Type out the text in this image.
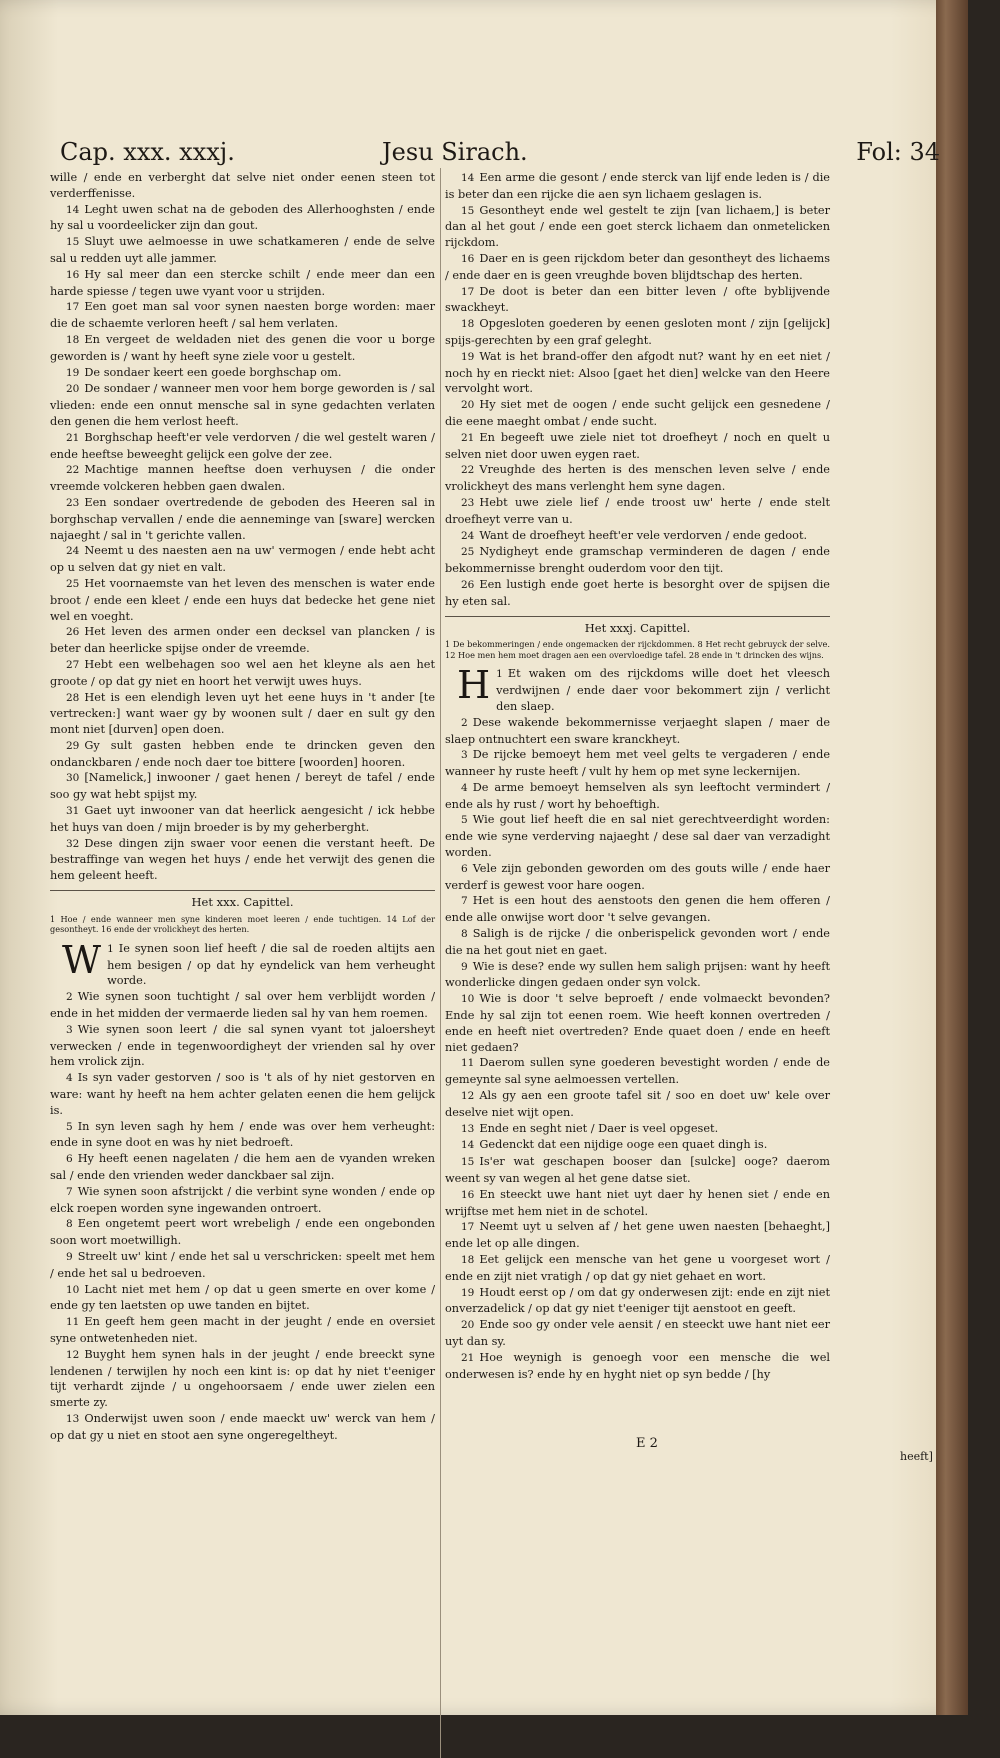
Cap. xxx. xxxj.	Jesu Sirach.	Fol: 34

wille / ende en verberght dat selve niet onder eenen steen tot verderffenisse.

14 Leght uwen schat na de geboden des Allerhooghsten / ende hy sal u voordeelicker zijn dan gout.

15 Sluyt uwe aelmoesse in uwe schatkameren / ende de selve sal u redden uyt alle jammer.

16 Hy sal meer dan een stercke schilt / ende meer dan een harde spiesse / tegen uwe vyant voor u strijden.

17 Een goet man sal voor synen naesten borge worden: maer die de schaemte verloren heeft / sal hem verlaten.

18 En vergeet de weldaden niet des genen die voor u borge geworden is / want hy heeft syne ziele voor u gestelt.

19 De sondaer keert een goede borghschap om.

20 De sondaer / wanneer men voor hem borge geworden is / sal vlieden: ende een onnut mensche sal in syne gedachten verlaten den genen die hem verlost heeft.

21 Borghschap heeft'er vele verdorven / die wel gestelt waren / ende heeftse beweeght gelijck een golve der zee.

22 Machtige mannen heeftse doen verhuysen / die onder vreemde volckeren hebben gaen dwalen.

23 Een sondaer overtredende de geboden des Heeren sal in borghschap vervallen / ende die aenneminge van [sware] wercken najaeght / sal in 't gerichte vallen.

24 Neemt u des naesten aen na uw' vermogen / ende hebt acht op u selven dat gy niet en valt.

25 Het voornaemste van het leven des menschen is water ende broot / ende een kleet / ende een huys dat bedecke het gene niet wel en voeght.

26 Het leven des armen onder een decksel van plancken / is beter dan heerlicke spijse onder de vreemde.

27 Hebt een welbehagen soo wel aen het kleyne als aen het groote / op dat gy niet en hoort het verwijt uwes huys.

28 Het is een elendigh leven uyt het eene huys in 't ander [te vertrecken:] want waer gy by woonen sult / daer en sult gy den mont niet [durven] open doen.

29 Gy sult gasten hebben ende te drincken geven den ondanckbaren / ende noch daer toe bittere [woorden] hooren.

30 [Namelick,] inwooner / gaet henen / bereyt de tafel / ende soo gy wat hebt spijst my.

31 Gaet uyt inwooner van dat heerlick aengesicht / ick hebbe het huys van doen / mijn broeder is by my geherberght.

32 Dese dingen zijn swaer voor eenen die verstant heeft. De bestraffinge van wegen het huys / ende het verwijt des genen die hem geleent heeft.

Het xxx. Capittel.
1 Hoe / ende wanneer men syne kinderen moet leeren / ende tuchtigen. 14 Lof der gesontheyt. 16 ende der vrolickheyt des herten.

W 1 Ie synen soon lief heeft / die sal de roeden altijts aen hem besigen / op dat hy eyndelick van hem verheught worde.

2 Wie synen soon tuchtight / sal over hem verblijdt worden / ende in het midden der vermaerde lieden sal hy van hem roemen.

3 Wie synen soon leert / die sal synen vyant tot jaloersheyt verwecken / ende in tegenwoordigheyt der vrienden sal hy over hem vrolick zijn.

4 Is syn vader gestorven / soo is 't als of hy niet gestorven en ware: want hy heeft na hem achter gelaten eenen die hem gelijck is.

5 In syn leven sagh hy hem / ende was over hem verheught: ende in syne doot en was hy niet bedroeft.

6 Hy heeft eenen nagelaten / die hem aen de vyanden wreken sal / ende den vrienden weder danckbaer sal zijn.

7 Wie synen soon afstrijckt / die verbint syne wonden / ende op elck roepen worden syne ingewanden ontroert.

8 Een ongetemt peert wort wrebeligh / ende een ongebonden soon wort moetwilligh.

9 Streelt uw' kint / ende het sal u verschricken: speelt met hem / ende het sal u bedroeven.

10 Lacht niet met hem / op dat u geen smerte en over kome / ende gy ten laetsten op uwe tanden en bijtet.

11 En geeft hem geen macht in der jeught / ende en oversiet syne ontwetenheden niet.

12 Buyght hem synen hals in der jeught / ende breeckt syne lendenen / terwijlen hy noch een kint is: op dat hy niet t'eeniger tijt verhardt zijnde / u ongehoorsaem / ende uwer zielen een smerte zy.

13 Onderwijst uwen soon / ende maeckt uw' werck van hem / op dat gy u niet en stoot aen syne ongeregeltheyt.

14 Een arme die gesont / ende sterck van lijf ende leden is / die is beter dan een rijcke die aen syn lichaem geslagen is.

15 Gesontheyt ende wel gestelt te zijn [van lichaem,] is beter dan al het gout / ende een goet sterck lichaem dan onmetelicken rijckdom.

16 Daer en is geen rijckdom beter dan gesontheyt des lichaems / ende daer en is geen vreughde boven blijdtschap des herten.

17 De doot is beter dan een bitter leven / ofte byblijvende swackheyt.

18 Opgesloten goederen by eenen gesloten mont / zijn [gelijck] spijs-gerechten by een graf geleght.

19 Wat is het brand-offer den afgodt nut? want hy en eet niet / noch hy en rieckt niet: Alsoo [gaet het dien] welcke van den Heere vervolght wort.

20 Hy siet met de oogen / ende sucht gelijck een gesnedene / die eene maeght ombat / ende sucht.

21 En begeeft uwe ziele niet tot droefheyt / noch en quelt u selven niet door uwen eygen raet.

22 Vreughde des herten is des menschen leven selve / ende vrolickheyt des mans verlenght hem syne dagen.

23 Hebt uwe ziele lief / ende troost uw' herte / ende stelt droefheyt verre van u.

24 Want de droefheyt heeft'er vele verdorven / ende gedoot.

25 Nydigheyt ende gramschap verminderen de dagen / ende bekommernisse brenght ouderdom voor den tijt.

26 Een lustigh ende goet herte is besorght over de spijsen die hy eten sal.

Het xxxj. Capittel.
1 De bekommeringen / ende ongemacken der rijckdommen. 8 Het recht gebruyck der selve. 12 Hoe men hem moet dragen aen een overvloedige tafel. 28 ende in 't drincken des wijns.

H 1 Et waken om des rijckdoms wille doet het vleesch verdwijnen / ende daer voor bekommert zijn / verlicht den slaep.

2 Dese wakende bekommernisse verjaeght slapen / maer de slaep ontnuchtert een sware kranckheyt.

3 De rijcke bemoeyt hem met veel gelts te vergaderen / ende wanneer hy ruste heeft / vult hy hem op met syne leckernijen.

4 De arme bemoeyt hemselven als syn leeftocht vermindert / ende als hy rust / wort hy behoeftigh.

5 Wie gout lief heeft die en sal niet gerechtveerdight worden: ende wie syne verderving najaeght / dese sal daer van verzadight worden.

6 Vele zijn gebonden geworden om des gouts wille / ende haer verderf is gewest voor hare oogen.

7 Het is een hout des aenstoots den genen die hem offeren / ende alle onwijse wort door 't selve gevangen.

8 Saligh is de rijcke / die onberispelick gevonden wort / ende die na het gout niet en gaet.

9 Wie is dese? ende wy sullen hem saligh prijsen: want hy heeft wonderlicke dingen gedaen onder syn volck.

10 Wie is door 't selve beproeft / ende volmaeckt bevonden? Ende hy sal zijn tot eenen roem. Wie heeft konnen overtreden / ende en heeft niet overtreden? Ende quaet doen / ende en heeft niet gedaen?

11 Daerom sullen syne goederen bevestight worden / ende de gemeynte sal syne aelmoessen vertellen.

12 Als gy aen een groote tafel sit / soo en doet uw' kele over deselve niet wijt open.

13 Ende en seght niet / Daer is veel opgeset.

14 Gedenckt dat een nijdige ooge een quaet dingh is.

15 Is'er wat geschapen booser dan [sulcke] ooge? daerom weent sy van wegen al het gene datse siet.

16 En steeckt uwe hant niet uyt daer hy henen siet / ende en wrijftse met hem niet in de schotel.

17 Neemt uyt u selven af / het gene uwen naesten [behaeght,] ende let op alle dingen.

18 Eet gelijck een mensche van het gene u voorgeset wort / ende en zijt niet vratigh / op dat gy niet gehaet en wort.

19 Houdt eerst op / om dat gy onderwesen zijt: ende en zijt niet onverzadelick / op dat gy niet t'eeniger tijt aenstoot en geeft.

20 Ende soo gy onder vele aensit / en steeckt uwe hant niet eer uyt dan sy.

21 Hoe weynigh is genoegh voor een mensche die wel onderwesen is? ende hy en hyght niet op syn bedde / [hy

E 2
heeft]
